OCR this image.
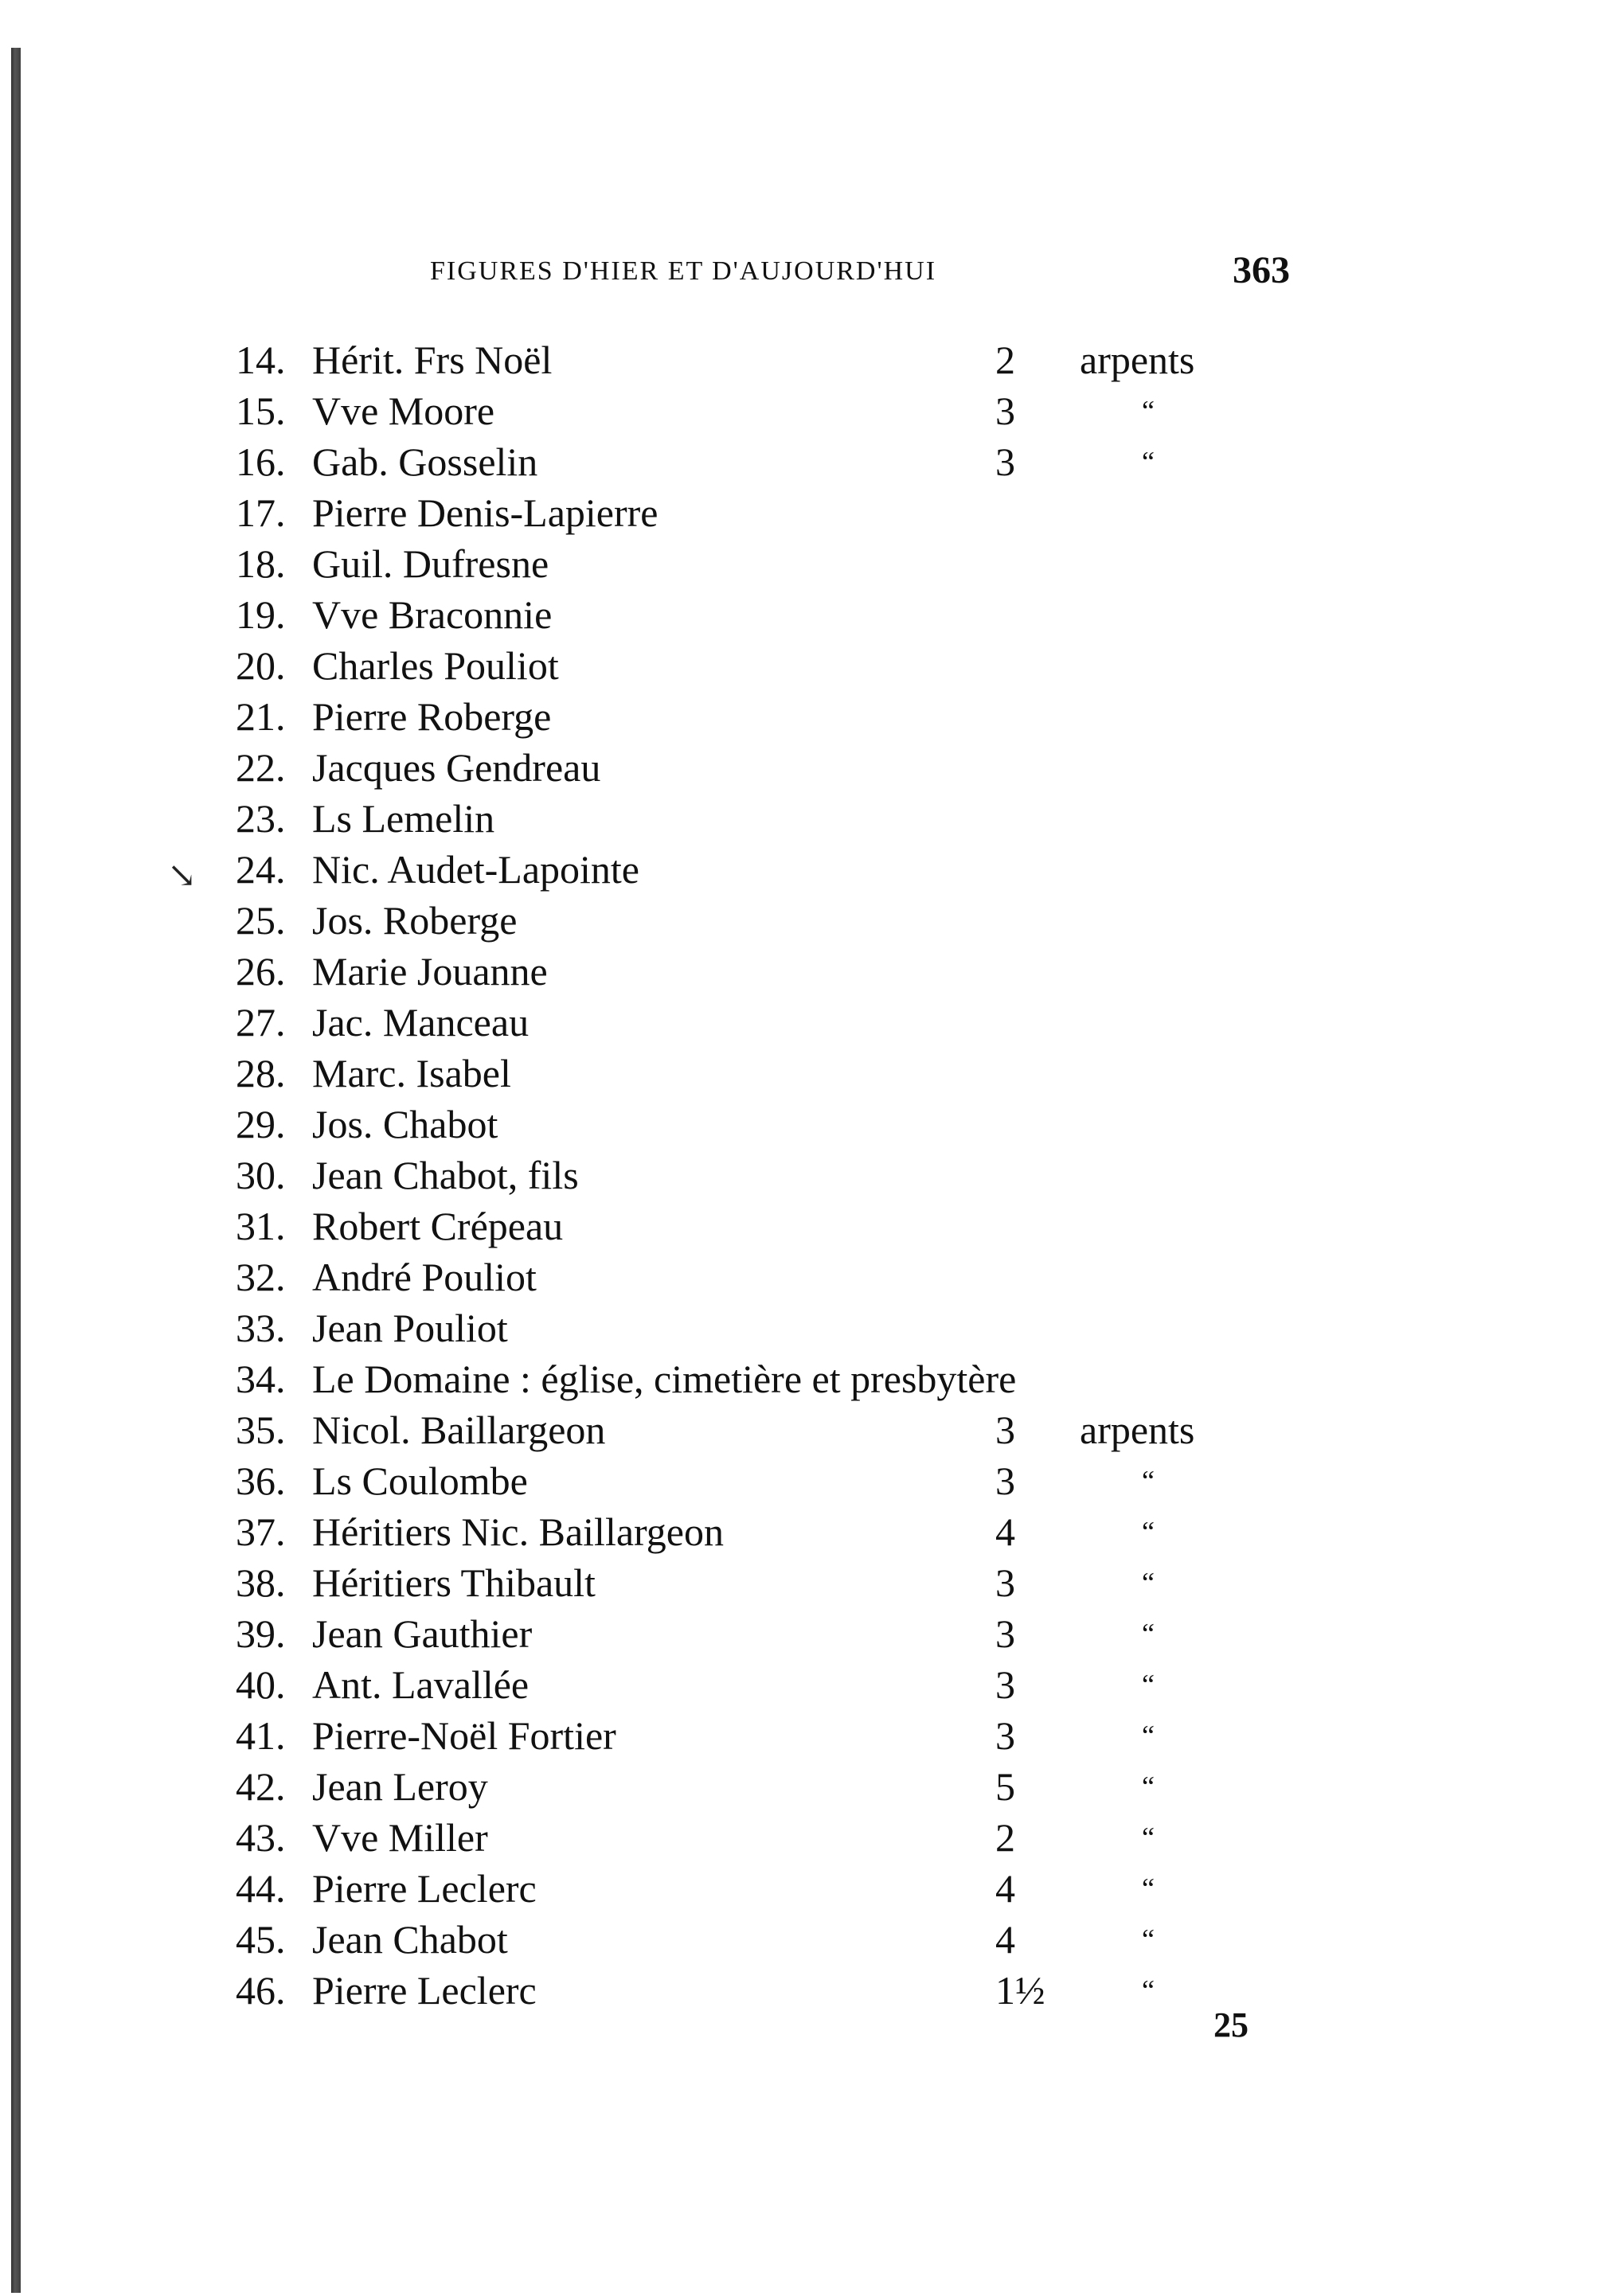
FIGURES D'HIER ET D'AUJOURD'HUI	363
↘
14. Hérit. Frs Noël	2 arpents
15. Vve Moore	3	“
16. Gab. Gosselin	3	“
17. Pierre Denis-Lapierre
18. Guil. Dufresne
19. Vve Braconnie
20. Charles Pouliot
21. Pierre Roberge
22. Jacques Gendreau
23. Ls Lemelin
24. Nic. Audet-Lapointe
25. Jos. Roberge
26. Marie Jouanne
27. Jac. Manceau
28. Marc. Isabel
29. Jos. Chabot
30. Jean Chabot, fils
31. Robert Crépeau
32. André Pouliot
33. Jean Pouliot
34. Le Domaine : église, cimetière et presbytère
35. Nicol. Baillargeon	3 arpents
36. Ls Coulombe	3	“
37. Héritiers Nic. Baillargeon	4	“
38. Héritiers Thibault	3	“
39. Jean Gauthier	3	“
40. Ant. Lavallée	3	“
41. Pierre-Noël Fortier	3	“
42. Jean Leroy	5	“
43. Vve Miller	2	“
44. Pierre Leclerc	4	“
45. Jean Chabot	4	“
46. Pierre Leclerc	1½	“
25
